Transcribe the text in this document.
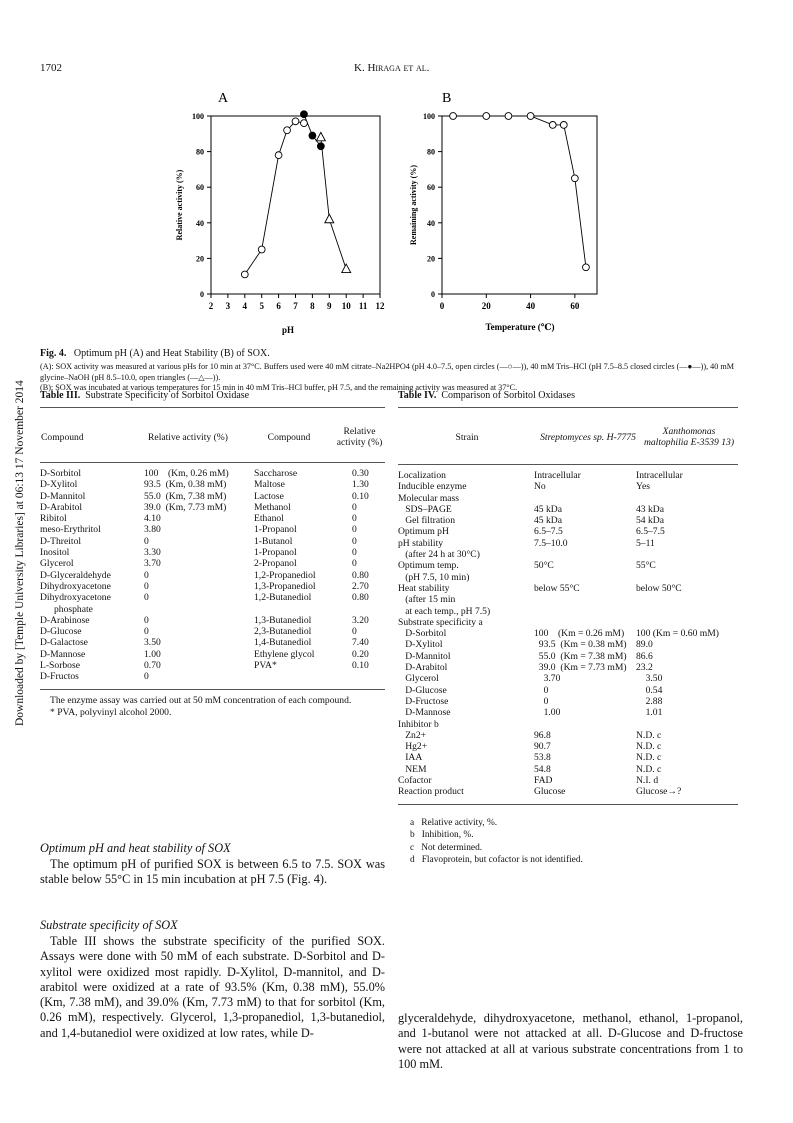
Downloaded by [Temple University Libraries] at 06:13 17 November 2014
1702	K. Hiraga et al.
A
2 3 4 5 6 7 8 9 10 11 12
0
20
40
60
80
100
pH
Relative activity (%)
B
0	20	40	60
0
20
40
60
80
100
Temperature (℃)
Remaining activity (%)
Fig. 4. Optimum pH (A) and Heat Stability (B) of SOX.
(A): SOX activity was measured at various pHs for 10 min at 37°C. Buffers used were 40 mM citrate–Na2HPO4 (pH 4.0–7.5, open circles (—○—)), 40 mM Tris–HCl (pH 7.5–8.5 closed circles (—●—)), 40 mM glycine–NaOH (pH 8.5–10.0, open triangles (—△—)).
(B): SOX was incubated at various temperatures for 15 min in 40 mM Tris–HCl buffer, pH 7.5, and the remaining activity was measured at 37°C.
Table III. Substrate Specificity of Sorbitol Oxidase
Compound	Relative activity (%)	Compound	Relative activity (%)
D-Sorbitol	100    (Km, 0.26 mM)	Saccharose	0.30
D-Xylitol	93.5  (Km, 0.38 mM)	Maltose	1.30
D-Mannitol	55.0  (Km, 7.38 mM)	Lactose	0.10
D-Arabitol	39.0  (Km, 7.73 mM)	Methanol	0
Ribitol	4.10	Ethanol	0
meso-Erythritol	3.80	1-Propanol	0
D-Threitol	0	1-Butanol	0
Inositol	3.30	1-Propanol	0
Glycerol	3.70	2-Propanol	0
D-Glyceraldehyde	0	1,2-Propanediol	0.80
Dihydroxyacetone	0	1,3-Propanediol	2.70
Dihydroxyacetone	0	1,2-Butanediol	0.80
phosphate			
D-Arabinose	0	1,3-Butanediol	3.20
D-Glucose	0	2,3-Butanediol	0
D-Galactose	3.50	1,4-Butanediol	7.40
D-Mannose	1.00	Ethylene glycol	0.20
L-Sorbose	0.70	PVA*	0.10
D-Fructos	0		
The enzyme assay was carried out at 50 mM concentration of each compound.
* PVA, polyvinyl alcohol 2000.
Table IV. Comparison of Sorbitol Oxidases
Strain	Streptomyces sp. H-7775	Xanthomonas maltophilia E-3539 13)
Localization	Intracellular	Intracellular
Inducible enzyme	No	Yes
Molecular mass		
SDS–PAGE	45 kDa	43 kDa
Gel filtration	45 kDa	54 kDa
Optimum pH	6.5–7.5	6.5–7.5
pH stability	7.5–10.0	5–11
(after 24 h at 30°C)		
Optimum temp.	50°C	55°C
(pH 7.5, 10 min)		
Heat stability	below 55°C	below 50°C
(after 15 min		
at each temp., pH 7.5)		
Substrate specificity a		
D-Sorbitol	100    (Km = 0.26 mM)	100 (Km = 0.60 mM)
D-Xylitol	93.5  (Km = 0.38 mM)	89.0
D-Mannitol	55.0  (Km = 7.38 mM)	86.6
D-Arabitol	39.0  (Km = 7.73 mM)	23.2
Glycerol	3.70	3.50
D-Glucose	0	0.54
D-Fructose	0	2.88
D-Mannose	1.00	1.01
Inhibitor b		
Zn2+	96.8	N.D. c
Hg2+	90.7	N.D. c
IAA	53.8	N.D. c
NEM	54.8	N.D. c
Cofactor	FAD	N.I. d
Reaction product	Glucose	Glucose→?
a   Relative activity, %.
b   Inhibition, %.
c   Not determined.
d   Flavoprotein, but cofactor is not identified.
Optimum pH and heat stability of SOX
The optimum pH of purified SOX is between 6.5 to 7.5. SOX was stable below 55°C in 15 min incubation at pH 7.5 (Fig. 4).
Substrate specificity of SOX
Table III shows the substrate specificity of the purified SOX. Assays were done with 50 mM of each substrate. D-Sorbitol and D-xylitol were oxidized most rapidly. D-Xylitol, D-mannitol, and D-arabitol were oxidized at a rate of 93.5% (Km, 0.38 mM), 55.0% (Km, 7.38 mM), and 39.0% (Km, 7.73 mM) to that for sorbitol (Km, 0.26 mM), respectively. Glycerol, 1,3-propanediol, 1,3-butanediol, and 1,4-butanediol were oxidized at low rates, while D-
glyceraldehyde, dihydroxyacetone, methanol, ethanol, 1-propanol, and 1-butanol were not attacked at all. D-Glucose and D-fructose were not attacked at all at various substrate concentrations from 1 to 100 mM.
